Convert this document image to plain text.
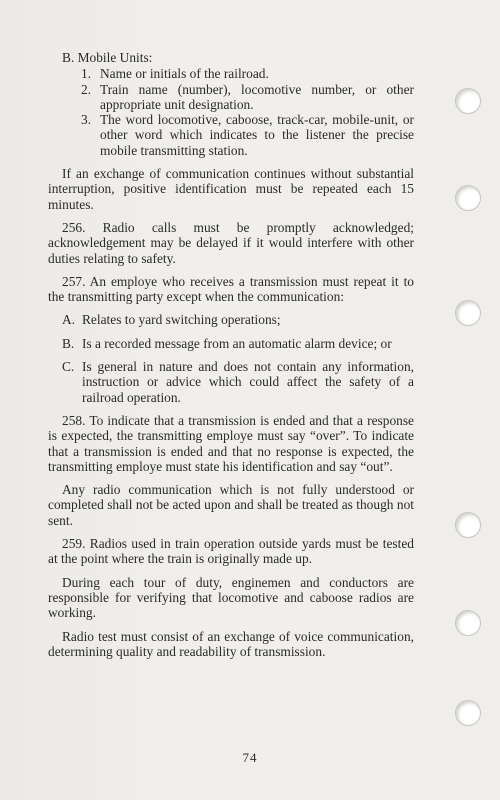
B. Mobile Units:
1. Name or initials of the railroad.
2. Train name (number), locomotive number, or other appropriate unit designation.
3. The word locomotive, caboose, track-car, mobile-unit, or other word which indicates to the listener the precise mobile transmitting station.

If an exchange of communication continues without substantial interruption, positive identification must be repeated each 15 minutes.

256. Radio calls must be promptly acknowledged; acknowledgement may be delayed if it would interfere with other duties relating to safety.

257. An employe who receives a transmission must repeat it to the transmitting party except when the communication:

A. Relates to yard switching operations;
B. Is a recorded message from an automatic alarm device; or
C. Is general in nature and does not contain any information, instruction or advice which could affect the safety of a railroad operation.

258. To indicate that a transmission is ended and that a response is expected, the transmitting employe must say “over”. To indicate that a transmission is ended and that no response is expected, the transmitting employe must state his identification and say “out”.

Any radio communication which is not fully understood or completed shall not be acted upon and shall be treated as though not sent.

259. Radios used in train operation outside yards must be tested at the point where the train is originally made up.

During each tour of duty, enginemen and conductors are responsible for verifying that locomotive and caboose radios are working.

Radio test must consist of an exchange of voice communication, determining quality and readability of transmission.

74
